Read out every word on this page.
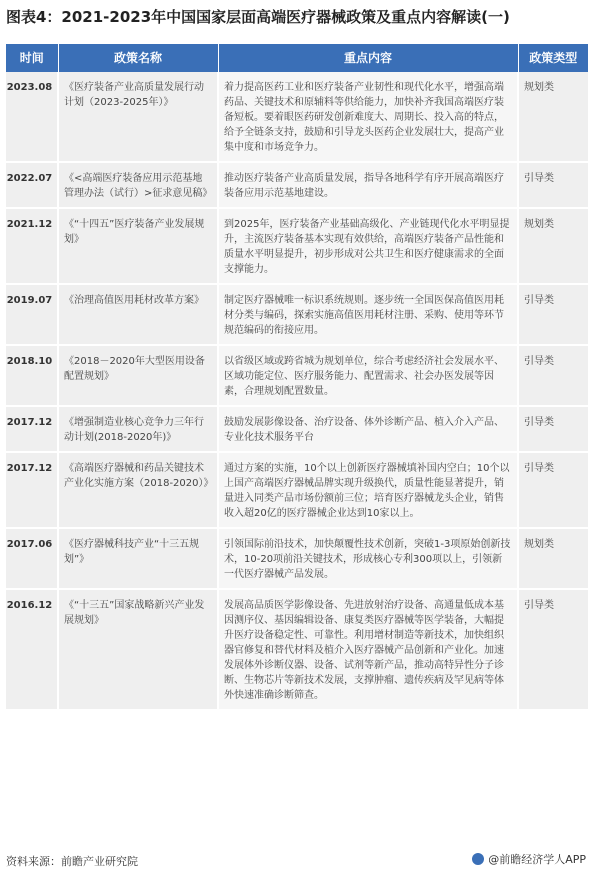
图表4：2021-2023年中国国家层面高端医疗器械政策及重点内容解读(一)
时间	政策名称	重点内容	政策类型
2023.08	《医疗装备产业高质量发展行动计划（2023-2025年）》	着力提高医药工业和医疗装备产业韧性和现代化水平，增强高端药品、关键技术和原辅料等供给能力，加快补齐我国高端医疗装备短板。要着眼医药研发创新难度大、周期长、投入高的特点，给予全链条支持，鼓励和引导龙头医药企业发展壮大，提高产业集中度和市场竞争力。	规划类
2022.07	《<高端医疗装备应用示范基地管理办法（试行）>征求意见稿》	推动医疗装备产业高质量发展，指导各地科学有序开展高端医疗装备应用示范基地建设。	引导类
2021.12	《“十四五”医疗装备产业发展规划》	到2025年，医疗装备产业基础高级化、产业链现代化水平明显提升，主流医疗装备基本实现有效供给，高端医疗装备产品性能和质量水平明显提升，初步形成对公共卫生和医疗健康需求的全面支撑能力。	规划类
2019.07	《治理高值医用耗材改革方案》	制定医疗器械唯一标识系统规则。逐步统一全国医保高值医用耗材分类与编码，探索实施高值医用耗材注册、采购、使用等环节规范编码的衔接应用。	引导类
2018.10	《2018－2020年大型医用设备配置规划》	以省级区域或跨省城为规划单位，综合考虑经济社会发展水平、区域功能定位、医疗服务能力、配置需求、社会办医发展等因素，合理规划配置数量。	引导类
2017.12	《增强制造业核心竞争力三年行动计划(2018-2020年)》	鼓励发展影像设备、治疗设备、体外诊断产品、植入介入产品、专业化技术服务平台	引导类
2017.12	《高端医疗器械和药品关键技术产业化实施方案（2018-2020）》	通过方案的实施，10个以上创新医疗器械填补国内空白；10个以上国产高端医疗器械品牌实现升级换代，质量性能显著提升，销量进入同类产品市场份额前三位；培育医疗器械龙头企业，销售收入超20亿的医疗器械企业达到10家以上。	引导类
2017.06	《医疗器械科技产业“十三五规划”》	引领国际前沿技术，加快颠覆性技术创新，突破1-3项原始创新技术，10-20项前沿关键技术，形成核心专利300项以上，引领新一代医疗器械产品发展。	规划类
2016.12	《“十三五”国家战略新兴产业发展规划》	发展高品质医学影像设备、先进放射治疗设备、高通量低成本基因测序仪、基因编辑设备、康复类医疗器械等医学装备，大幅提升医疗设备稳定性、可靠性。利用增材制造等新技术，加快组织器官修复和替代材料及植介入医疗器械产品创新和产业化。加速发展体外诊断仪器、设备、试剂等新产品，推动高特异性分子诊断、生物芯片等新技术发展，支撑肿瘤、遗传疾病及罕见病等体外快速准确诊断筛查。	引导类
资料来源：前瞻产业研究院	@前瞻经济学人APP
